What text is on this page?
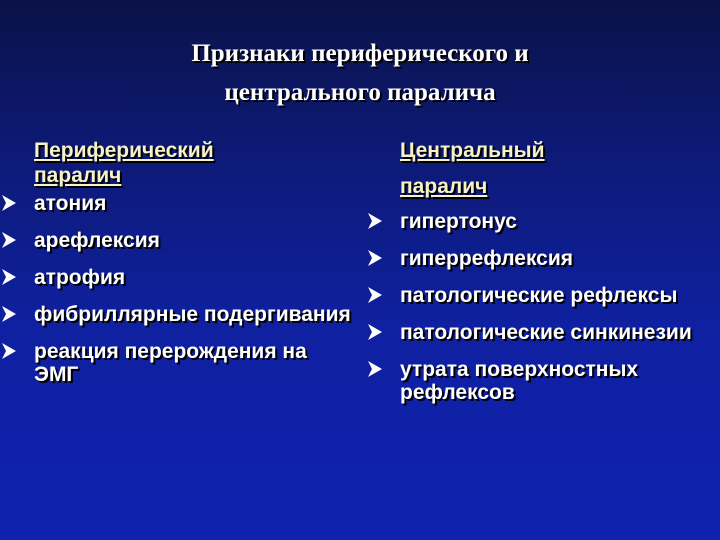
Признаки периферического и
центрального паралича
Периферический
паралич
атония
арефлексия
атрофия
фибриллярные подергивания
реакция перерождения на ЭМГ
Центральный
паралич
гипертонус
гиперрефлексия
патологические рефлексы
патологические синкинезии
утрата поверхностных рефлексов
